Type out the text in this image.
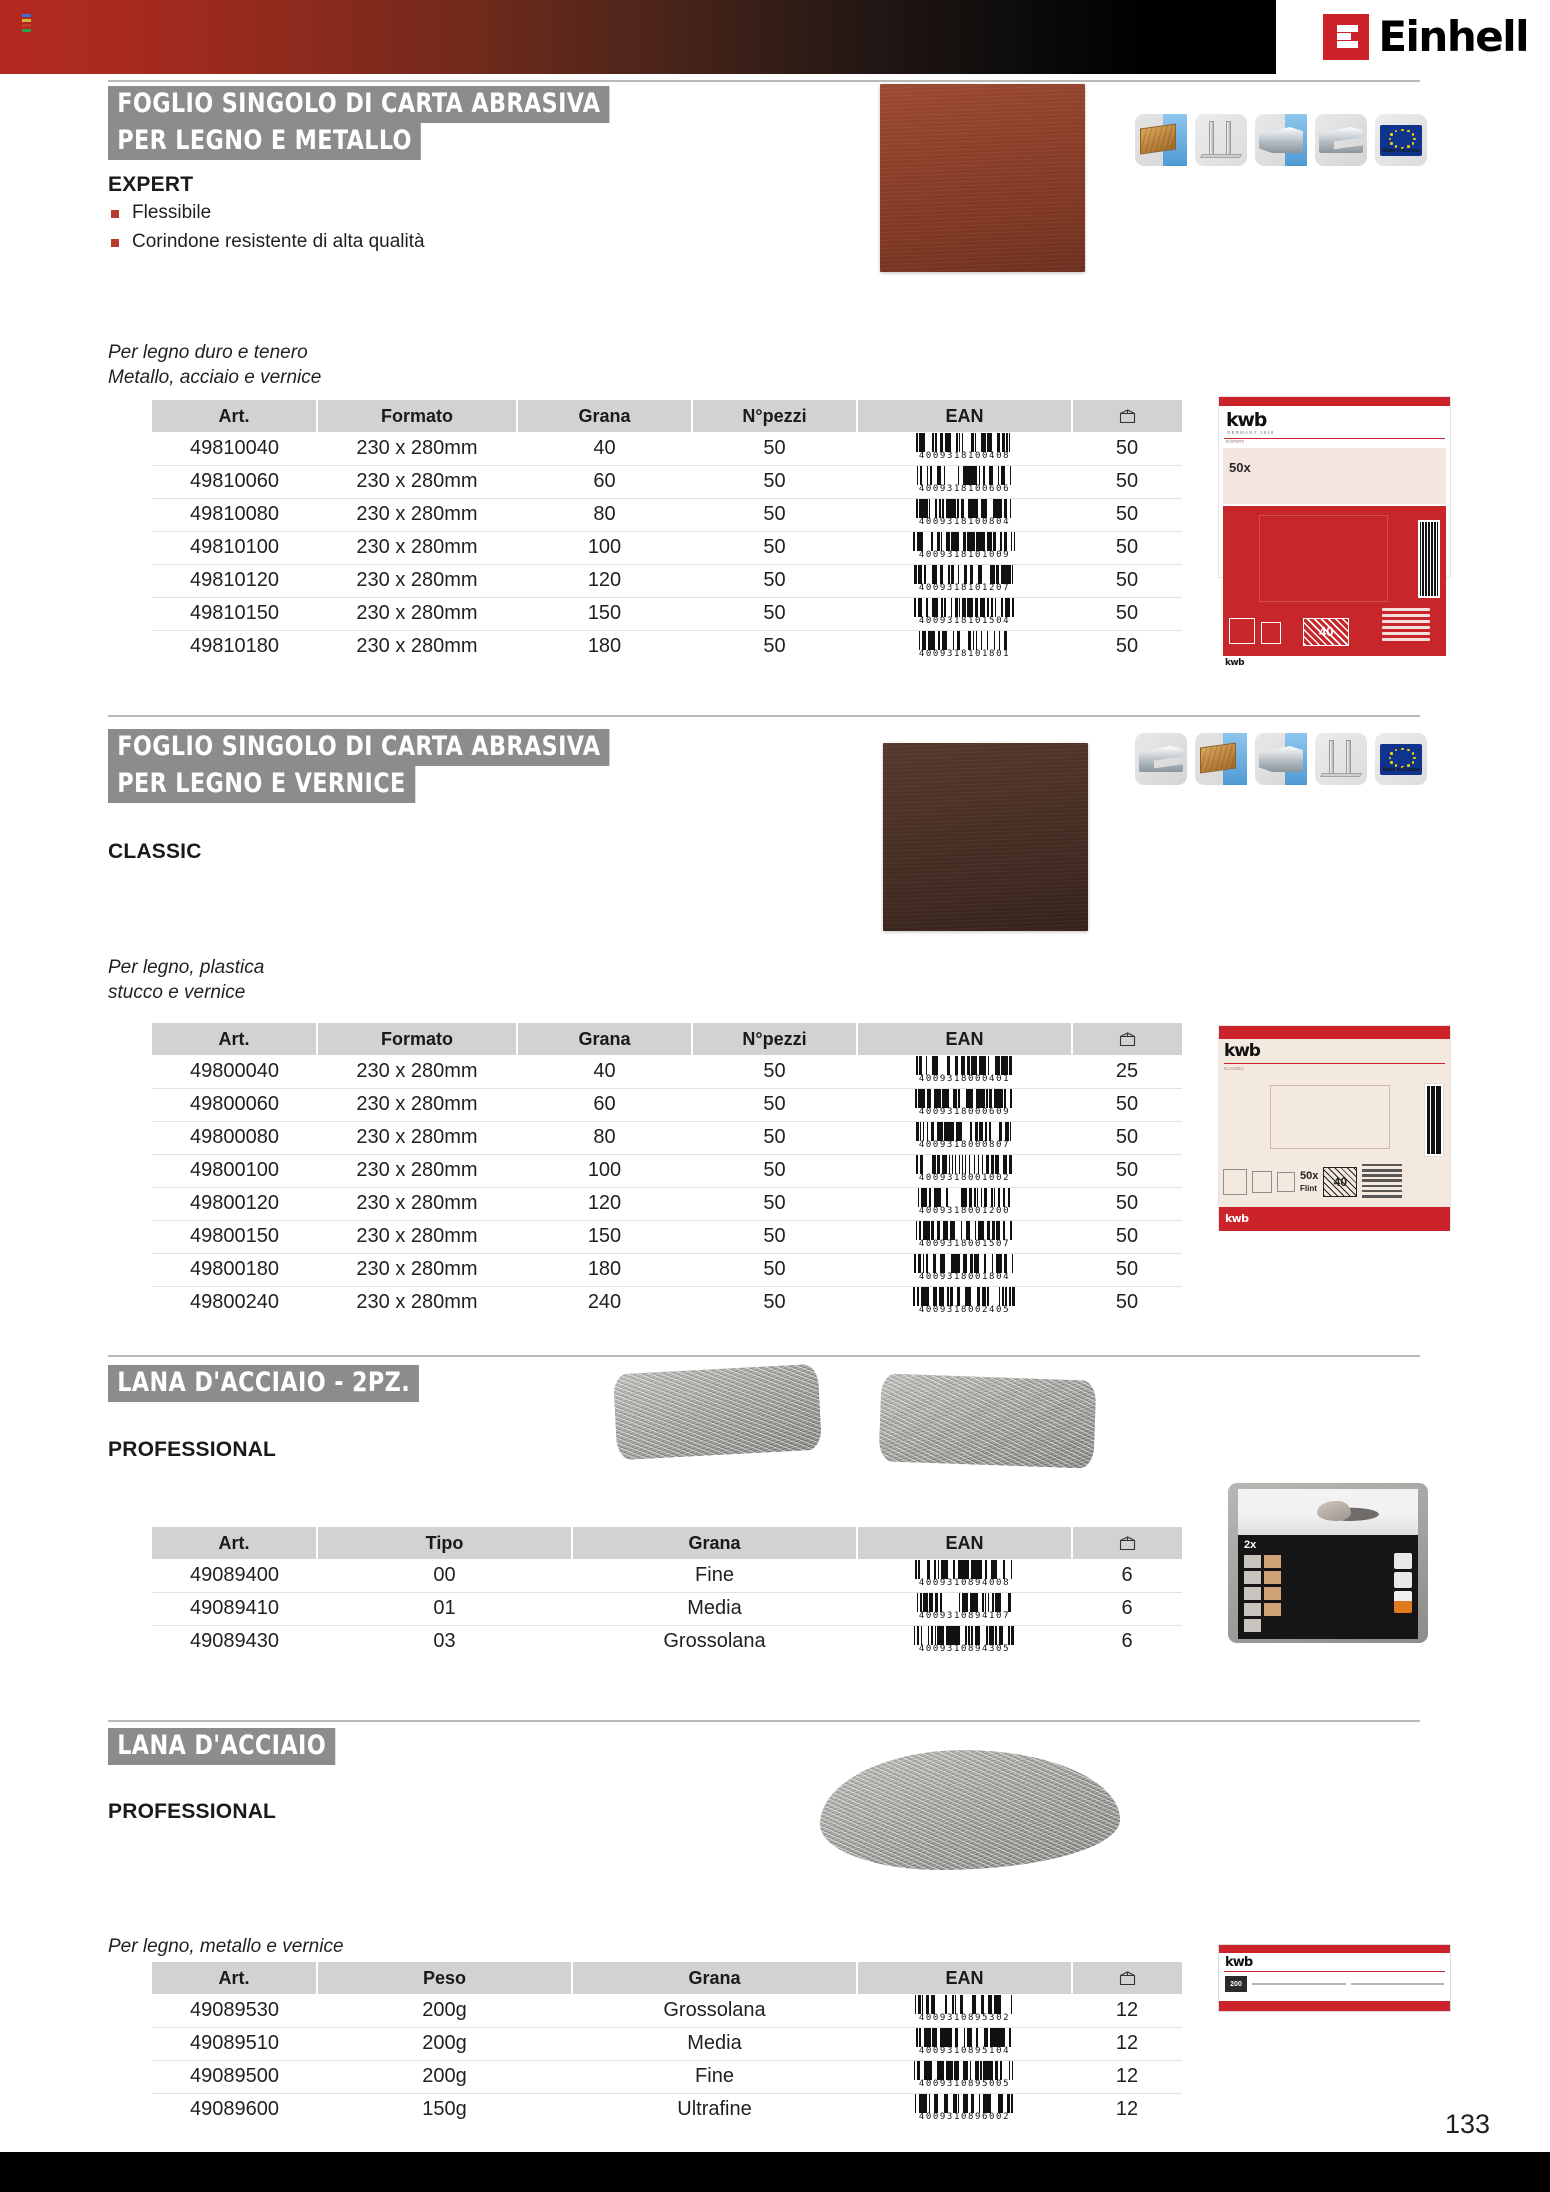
Einhell
FOGLIO SINGOLO DI CARTA ABRASIVA
PER LEGNO E METALLO
EXPERT
Flessibile
Corindone resistente di alta qualità
Per legno duro e tenero
Metallo, acciaio e vernice
Made in Europe
kwb
GERMANY 1948
EXPERT
50x
40
kwb
Art.	Formato	Grana	N°pezzi	EAN	

49810040	230 x 280mm	40	50	4009318100408	50
49810060	230 x 280mm	60	50	4009318100606	50
49810080	230 x 280mm	80	50	4009318100804	50
49810100	230 x 280mm	100	50	4009318101009	50
49810120	230 x 280mm	120	50	4009318101207	50
49810150	230 x 280mm	150	50	4009318101504	50
49810180	230 x 280mm	180	50	4009318101801	50
FOGLIO SINGOLO DI CARTA ABRASIVA
PER LEGNO E VERNICE
CLASSIC
Per legno, plastica
stucco e vernice
Made in Europe
kwb
CLASSIC
50x
Flint	40
kwb
Art.	Formato	Grana	N°pezzi	EAN	

49800040	230 x 280mm	40	50	4009318000401	25
49800060	230 x 280mm	60	50	4009318000609	50
49800080	230 x 280mm	80	50	4009318000807	50
49800100	230 x 280mm	100	50	4009318001002	50
49800120	230 x 280mm	120	50	4009318001200	50
49800150	230 x 280mm	150	50	4009318001507	50
49800180	230 x 280mm	180	50	4009318001804	50
49800240	230 x 280mm	240	50	4009318002405	50
LANA D'ACCIAIO - 2PZ.
PROFESSIONAL
2x
Art.	Tipo	Grana	EAN	

49089400	00	Fine	4009310894008	6
49089410	01	Media	4009310894107	6
49089430	03	Grossolana	4009310894305	6
LANA D'ACCIAIO
PROFESSIONAL
Per legno, metallo e vernice
kwb
200
Art.	Peso	Grana	EAN	

49089530	200g	Grossolana	4009310895302	12
49089510	200g	Media	4009310895104	12
49089500	200g	Fine	4009310895005	12
49089600	150g	Ultrafine	4009310896002	12	133
